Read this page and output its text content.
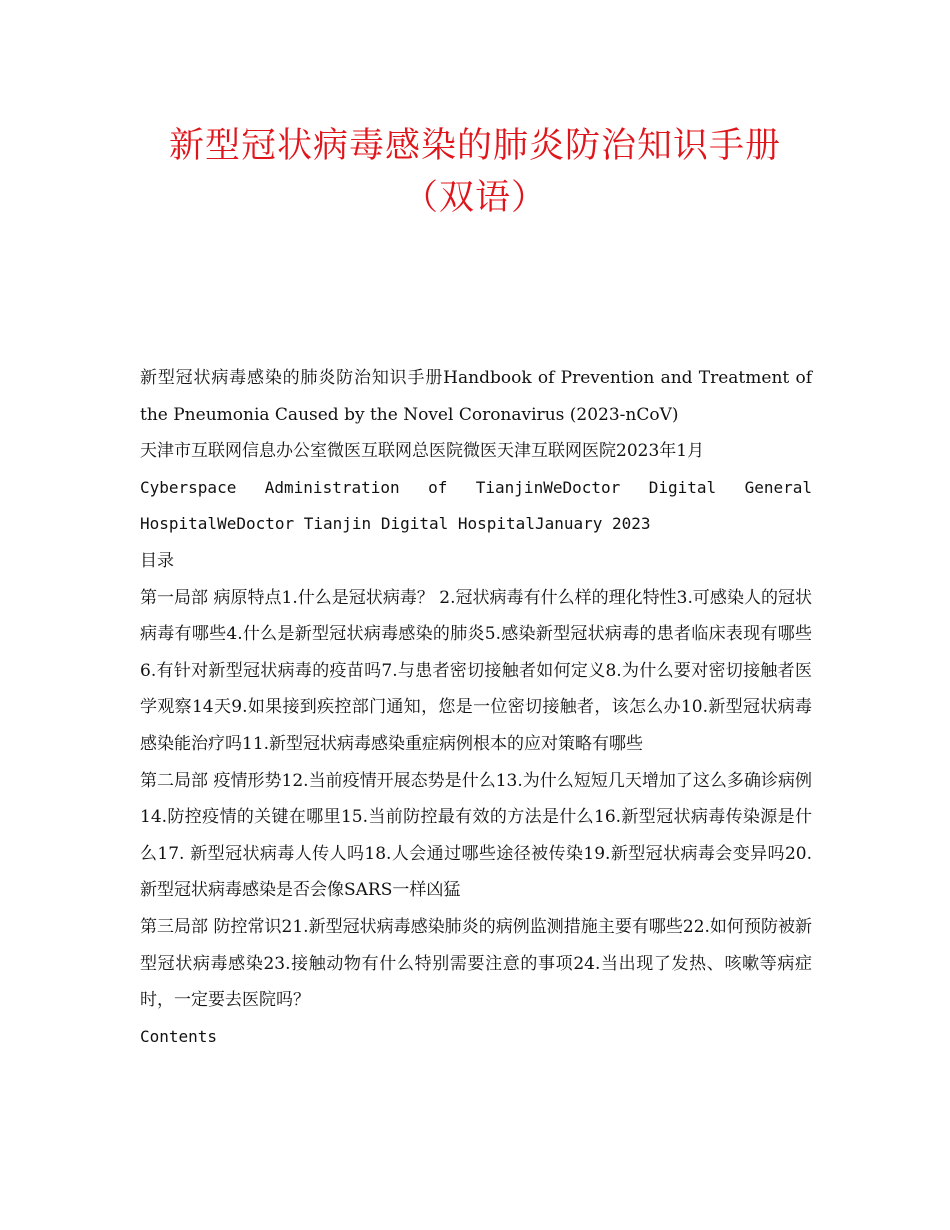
新型冠状病毒感染的肺炎防治知识手册（双语）

新型冠状病毒感染的肺炎防治知识手册Handbook of Prevention and Treatment of the Pneumonia Caused by the Novel Coronavirus (2023-nCoV)

天津市互联网信息办公室微医互联网总医院微医天津互联网医院2023年1月

Cyberspace Administration of TianjinWeDoctor Digital General HospitalWeDoctor Tianjin Digital HospitalJanuary 2023

目录

第一局部 病原特点1.什么是冠状病毒？ 2.冠状病毒有什么样的理化特性3.可感染人的冠状病毒有哪些4.什么是新型冠状病毒感染的肺炎5.感染新型冠状病毒的患者临床表现有哪些6.有针对新型冠状病毒的疫苗吗7.与患者密切接触者如何定义8.为什么要对密切接触者医学观察14天9.如果接到疾控部门通知，您是一位密切接触者，该怎么办10.新型冠状病毒感染能治疗吗11.新型冠状病毒感染重症病例根本的应对策略有哪些

第二局部 疫情形势12.当前疫情开展态势是什么13.为什么短短几天增加了这么多确诊病例14.防控疫情的关键在哪里15.当前防控最有效的方法是什么16.新型冠状病毒传染源是什么17. 新型冠状病毒人传人吗18.人会通过哪些途径被传染19.新型冠状病毒会变异吗20.新型冠状病毒感染是否会像SARS一样凶猛

第三局部 防控常识21.新型冠状病毒感染肺炎的病例监测措施主要有哪些22.如何预防被新型冠状病毒感染23.接触动物有什么特别需要注意的事项24.当出现了发热、咳嗽等病症时，一定要去医院吗？

Contents
